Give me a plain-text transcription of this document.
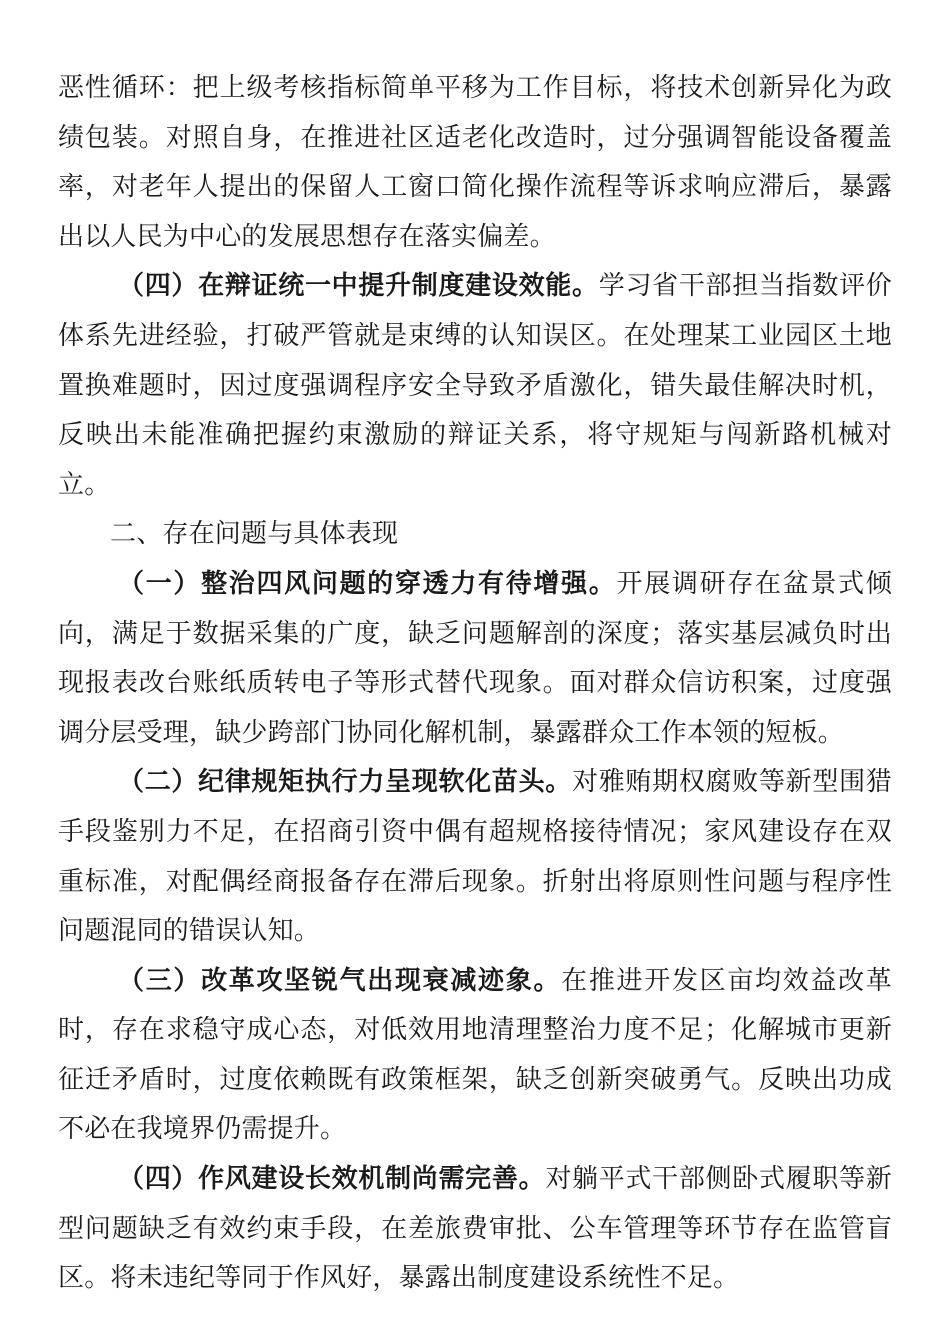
恶性循环：把上级考核指标简单平移为工作目标，将技术创新异化为政绩包装。对照自身，在推进社区适老化改造时，过分强调智能设备覆盖率，对老年人提出的保留人工窗口简化操作流程等诉求响应滞后，暴露出以人民为中心的发展思想存在落实偏差。

（四）在辩证统一中提升制度建设效能。学习省干部担当指数评价体系先进经验，打破严管就是束缚的认知误区。在处理某工业园区土地置换难题时，因过度强调程序安全导致矛盾激化，错失最佳解决时机，反映出未能准确把握约束激励的辩证关系，将守规矩与闯新路机械对立。

二、存在问题与具体表现

（一）整治四风问题的穿透力有待增强。开展调研存在盆景式倾向，满足于数据采集的广度，缺乏问题解剖的深度；落实基层减负时出现报表改台账纸质转电子等形式替代现象。面对群众信访积案，过度强调分层受理，缺少跨部门协同化解机制，暴露群众工作本领的短板。

（二）纪律规矩执行力呈现软化苗头。对雅贿期权腐败等新型围猎手段鉴别力不足，在招商引资中偶有超规格接待情况；家风建设存在双重标准，对配偶经商报备存在滞后现象。折射出将原则性问题与程序性问题混同的错误认知。

（三）改革攻坚锐气出现衰减迹象。在推进开发区亩均效益改革时，存在求稳守成心态，对低效用地清理整治力度不足；化解城市更新征迁矛盾时，过度依赖既有政策框架，缺乏创新突破勇气。反映出功成不必在我境界仍需提升。

（四）作风建设长效机制尚需完善。对躺平式干部侧卧式履职等新型问题缺乏有效约束手段，在差旅费审批、公车管理等环节存在监管盲区。将未违纪等同于作风好，暴露出制度建设系统性不足。
